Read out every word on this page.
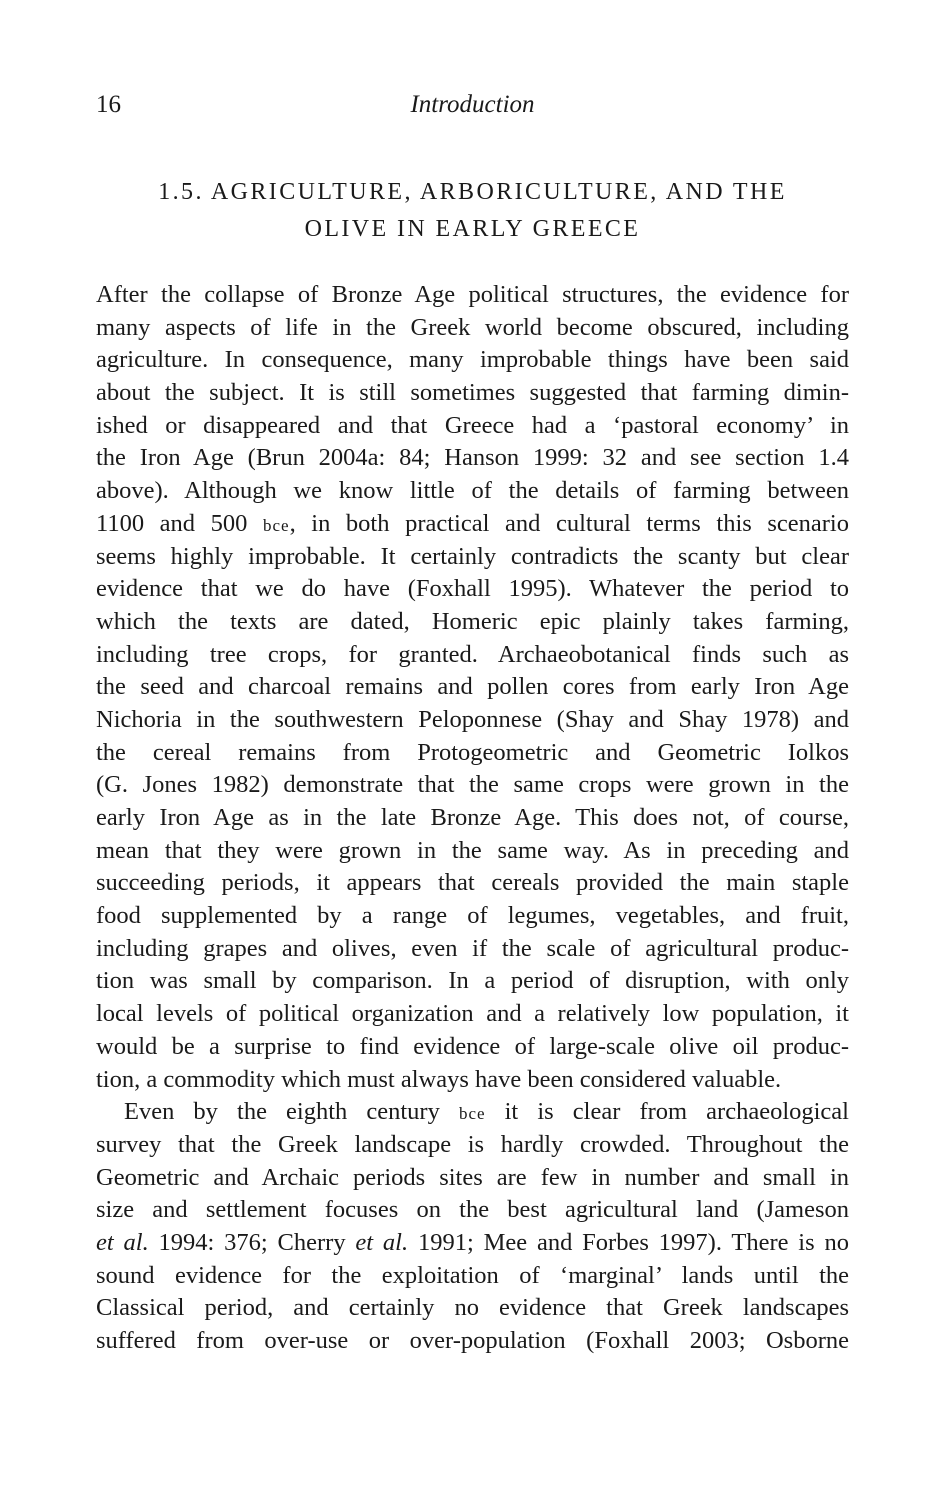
16	Introduction
1.5. AGRICULTURE, ARBORICULTURE, AND THE
OLIVE IN EARLY GREECE
After the collapse of Bronze Age political structures, the evidence for
many aspects of life in the Greek world become obscured, including
agriculture. In consequence, many improbable things have been said
about the subject. It is still sometimes suggested that farming dimin-
ished or disappeared and that Greece had a ‘pastoral economy’ in
the Iron Age (Brun 2004a: 84; Hanson 1999: 32 and see section 1.4
above). Although we know little of the details of farming between
1100 and 500 bce, in both practical and cultural terms this scenario
seems highly improbable. It certainly contradicts the scanty but clear
evidence that we do have (Foxhall 1995). Whatever the period to
which the texts are dated, Homeric epic plainly takes farming,
including tree crops, for granted. Archaeobotanical finds such as
the seed and charcoal remains and pollen cores from early Iron Age
Nichoria in the southwestern Peloponnese (Shay and Shay 1978) and
the cereal remains from Protogeometric and Geometric Iolkos
(G. Jones 1982) demonstrate that the same crops were grown in the
early Iron Age as in the late Bronze Age. This does not, of course,
mean that they were grown in the same way. As in preceding and
succeeding periods, it appears that cereals provided the main staple
food supplemented by a range of legumes, vegetables, and fruit,
including grapes and olives, even if the scale of agricultural produc-
tion was small by comparison. In a period of disruption, with only
local levels of political organization and a relatively low population, it
would be a surprise to find evidence of large-scale olive oil produc-
tion, a commodity which must always have been considered valuable.
Even by the eighth century bce it is clear from archaeological
survey that the Greek landscape is hardly crowded. Throughout the
Geometric and Archaic periods sites are few in number and small in
size and settlement focuses on the best agricultural land (Jameson
et al. 1994: 376; Cherry et al. 1991; Mee and Forbes 1997). There is no
sound evidence for the exploitation of ‘marginal’ lands until the
Classical period, and certainly no evidence that Greek landscapes
suffered from over-use or over-population (Foxhall 2003; Osborne
